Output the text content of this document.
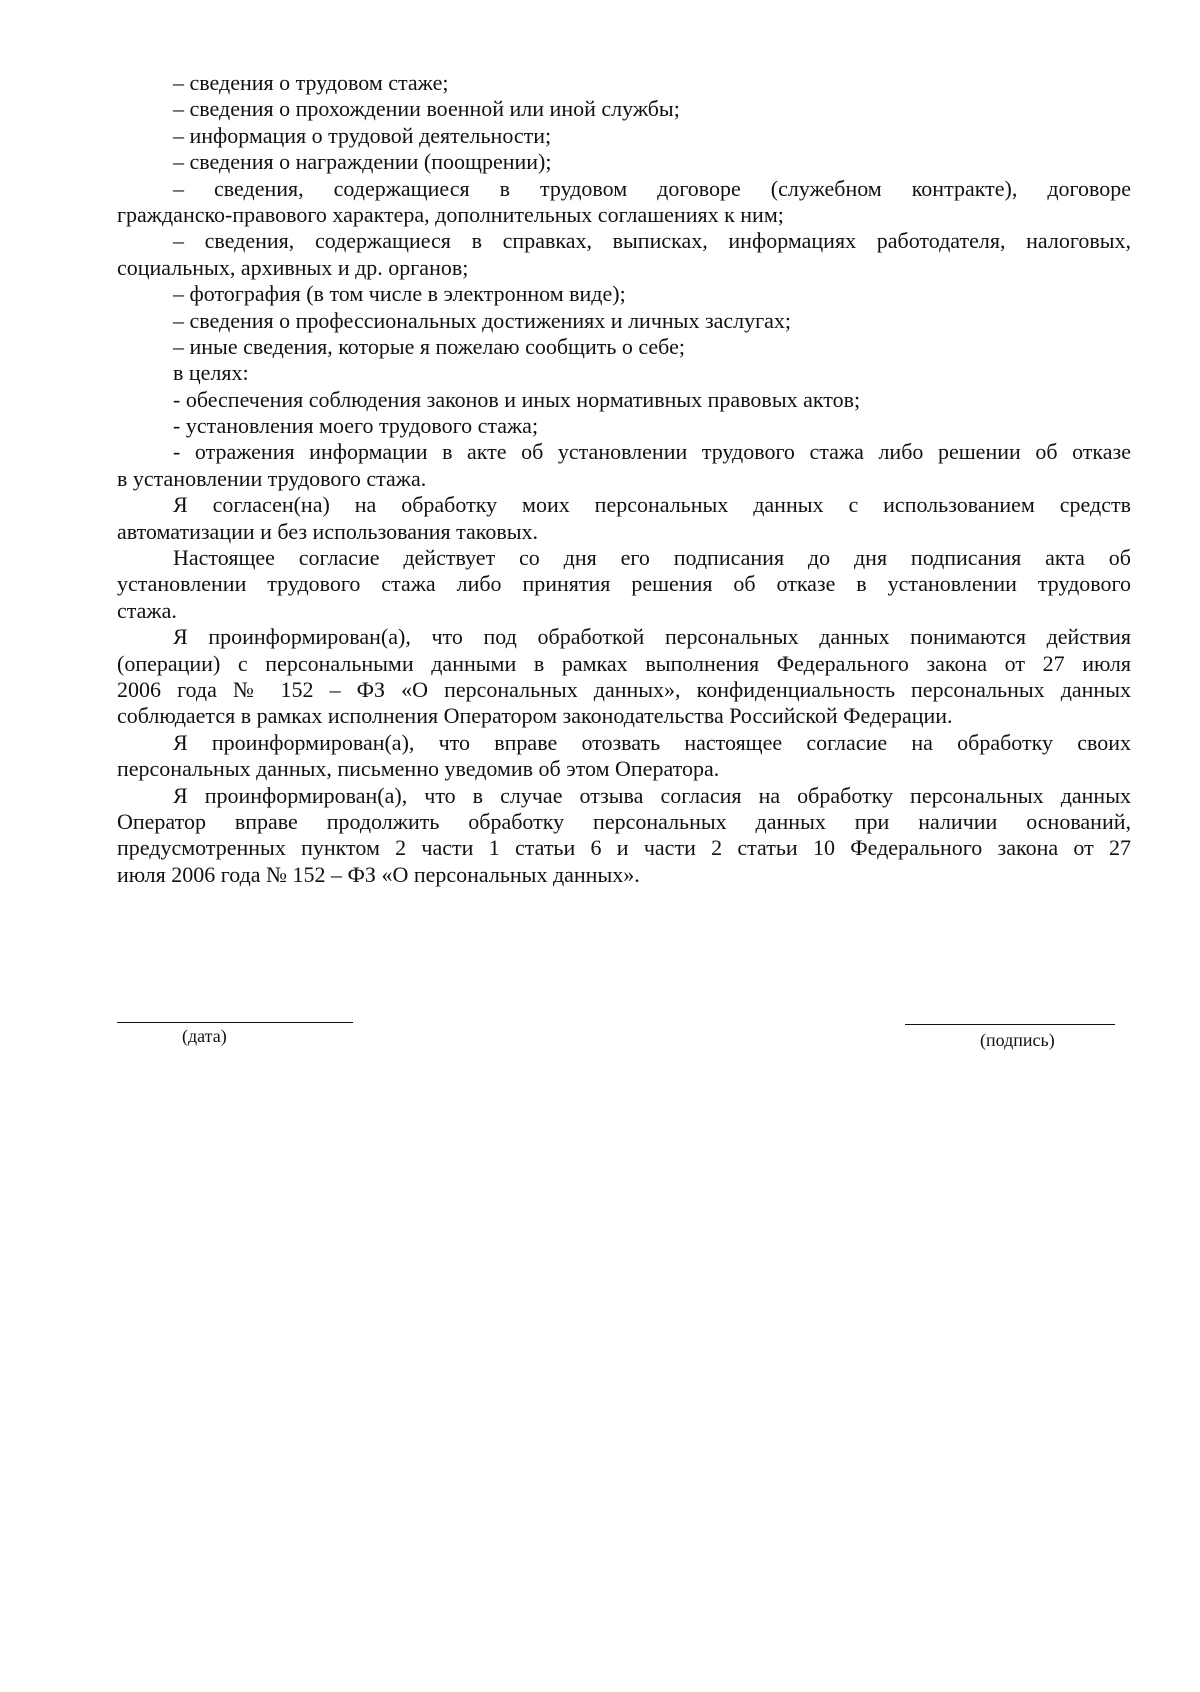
– сведения о трудовом стаже;
– сведения о прохождении военной или иной службы;
– информация о трудовой деятельности;
– сведения о награждении (поощрении);
– сведения, содержащиеся в трудовом договоре (служебном контракте), договоре
гражданско-правового характера, дополнительных соглашениях к ним;
– сведения, содержащиеся в справках, выписках, информациях работодателя, налоговых,
социальных, архивных и др. органов;
– фотография (в том числе в электронном виде);
– сведения о профессиональных достижениях и личных заслугах;
– иные сведения, которые я пожелаю сообщить о себе;
в целях:
- обеспечения соблюдения законов и иных нормативных правовых актов;
- установления моего трудового стажа;
- отражения информации в акте об установлении трудового стажа либо решении об отказе
в установлении трудового стажа.
Я согласен(на) на обработку моих персональных данных с использованием средств
автоматизации и без использования таковых.
Настоящее согласие действует со дня его подписания до дня подписания акта об
установлении трудового стажа либо принятия решения об отказе в установлении трудового
стажа.
Я проинформирован(а), что под обработкой персональных данных понимаются действия
(операции) с персональными данными в рамках выполнения Федерального закона от 27 июля
2006 года № 152 – ФЗ «О персональных данных», конфиденциальность персональных данных
соблюдается в рамках исполнения Оператором законодательства Российской Федерации.
Я проинформирован(а), что вправе отозвать настоящее согласие на обработку своих
персональных данных, письменно уведомив об этом Оператора.
Я проинформирован(а), что в случае отзыва согласия на обработку персональных данных
Оператор вправе продолжить обработку персональных данных при наличии оснований,
предусмотренных пунктом 2 части 1 статьи 6 и части 2 статьи 10 Федерального закона от 27
июля 2006 года № 152 – ФЗ «О персональных данных».
(дата)	(подпись)
